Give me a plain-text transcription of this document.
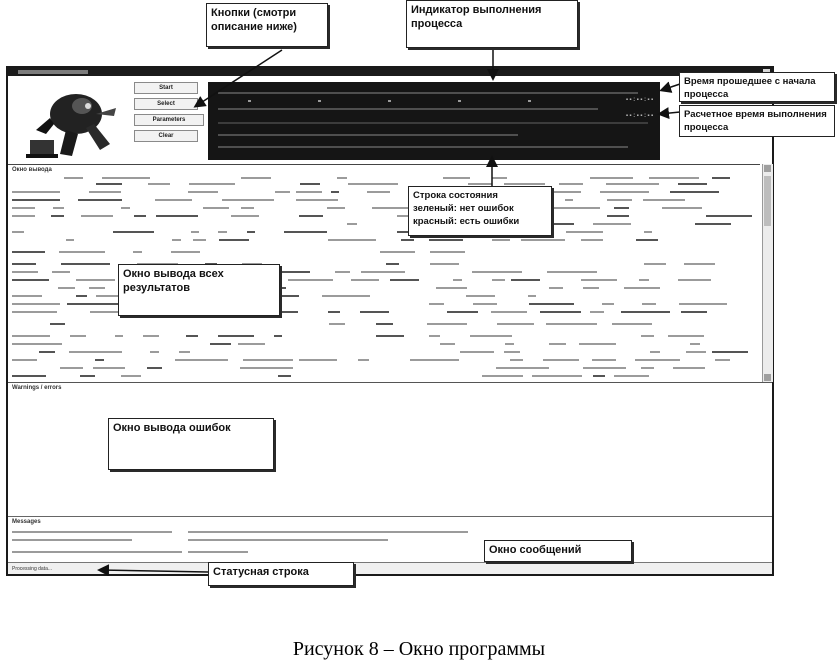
Start
Select
Parameters
Clear
▪▪:▪▪:▪▪
▪▪:▪▪:▪▪
Окно вывода
Warnings / errors
Messages
Processing data...
Кнопки (смотри описание ниже)
Индикатор выполнения процесса
Время прошедшее с начала процесса
Расчетное время выполнения процесса
Строка состояния
зеленый: нет ошибок
красный: есть ошибки
Окно вывода всех результатов
Окно вывода ошибок
Окно сообщений
Статусная строка
Рисунок 8 – Окно программы
